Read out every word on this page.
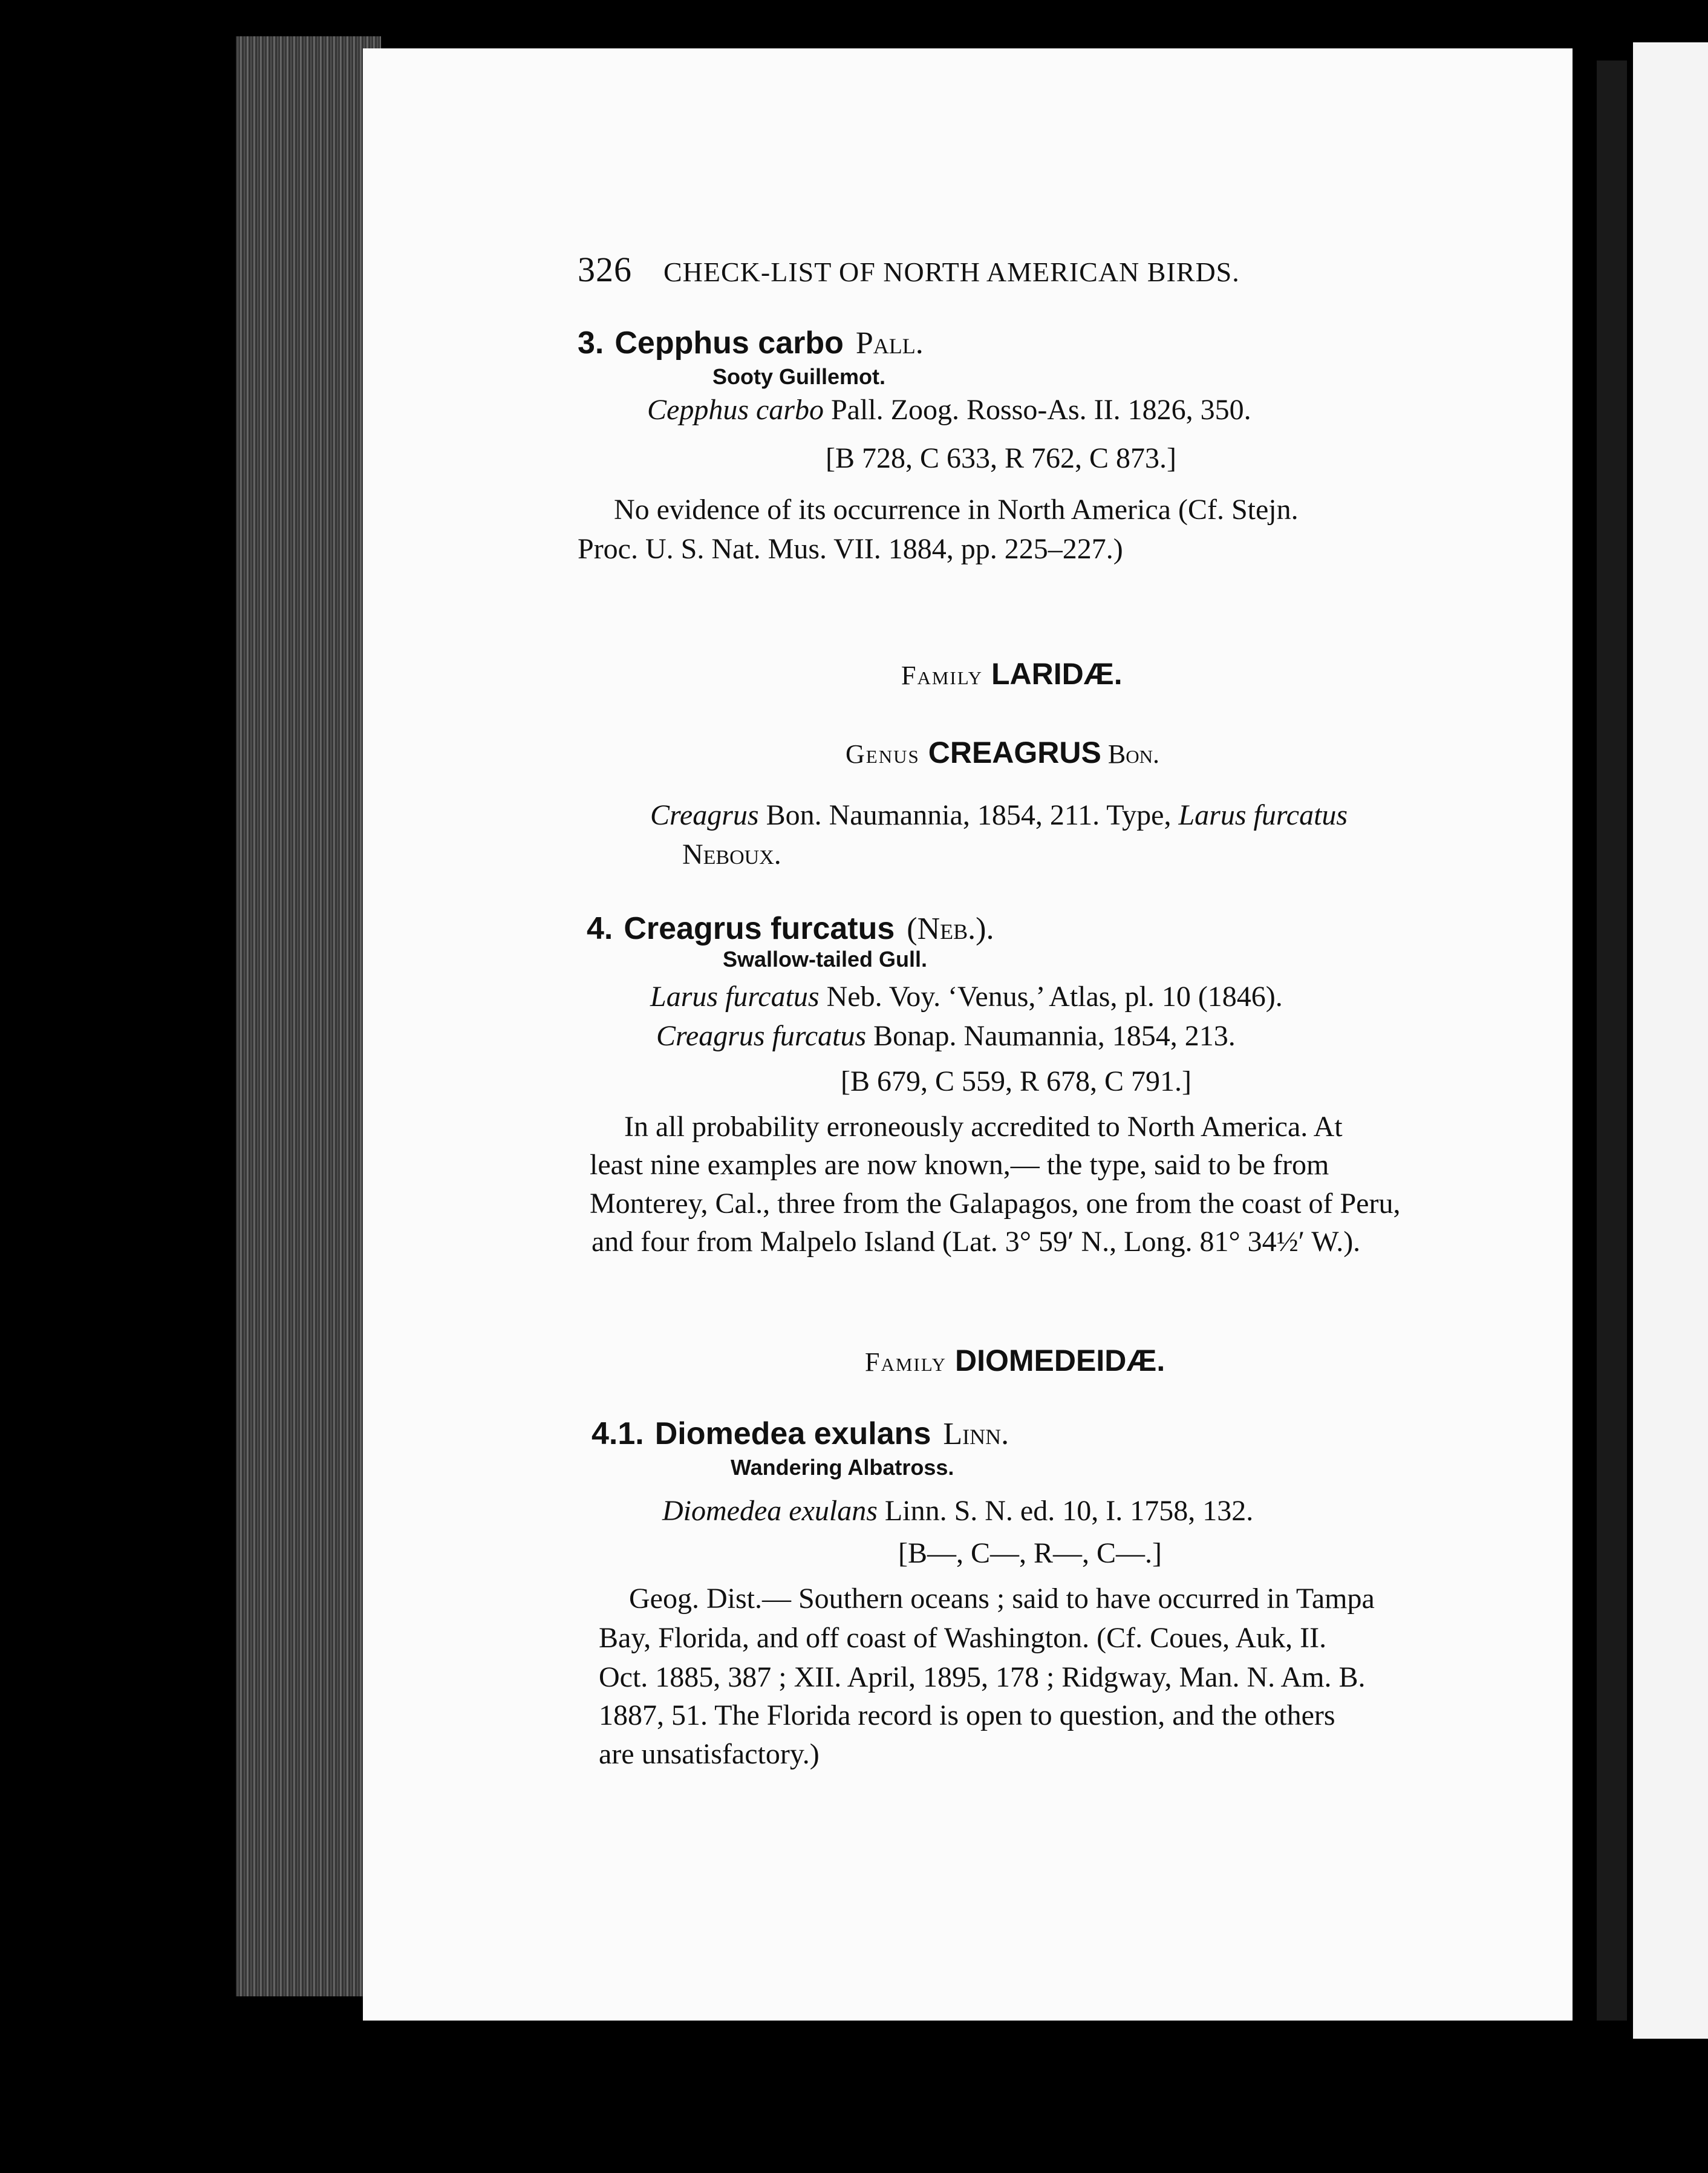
326 CHECK-LIST OF NORTH AMERICAN BIRDS.
3. Cepphus carbo Pall.
Sooty Guillemot.
Cepphus carbo Pall. Zoog. Rosso-As. II. 1826, 350.
[B 728, C 633, R 762, C 873.]
No evidence of its occurrence in North America (Cf. Stejn.
Proc. U. S. Nat. Mus. VII. 1884, pp. 225–227.)
Family LARIDÆ.
Genus CREAGRUS Bon.
Creagrus Bon. Naumannia, 1854, 211. Type, Larus furcatus
Neboux.
4. Creagrus furcatus (Neb.).
Swallow-tailed Gull.
Larus furcatus Neb. Voy. ‘Venus,’ Atlas, pl. 10 (1846).
Creagrus furcatus Bonap. Naumannia, 1854, 213.
[B 679, C 559, R 678, C 791.]
In all probability erroneously accredited to North America. At
least nine examples are now known,— the type, said to be from
Monterey, Cal., three from the Galapagos, one from the coast of Peru,
and four from Malpelo Island (Lat. 3° 59′ N., Long. 81° 34½′ W.).
Family DIOMEDEIDÆ.
4.1. Diomedea exulans Linn.
Wandering Albatross.
Diomedea exulans Linn. S. N. ed. 10, I. 1758, 132.
[B—, C—, R—, C—.]
Geog. Dist.— Southern oceans ; said to have occurred in Tampa
Bay, Florida, and off coast of Washington. (Cf. Coues, Auk, II.
Oct. 1885, 387 ; XII. April, 1895, 178 ; Ridgway, Man. N. Am. B.
1887, 51. The Florida record is open to question, and the others
are unsatisfactory.)
